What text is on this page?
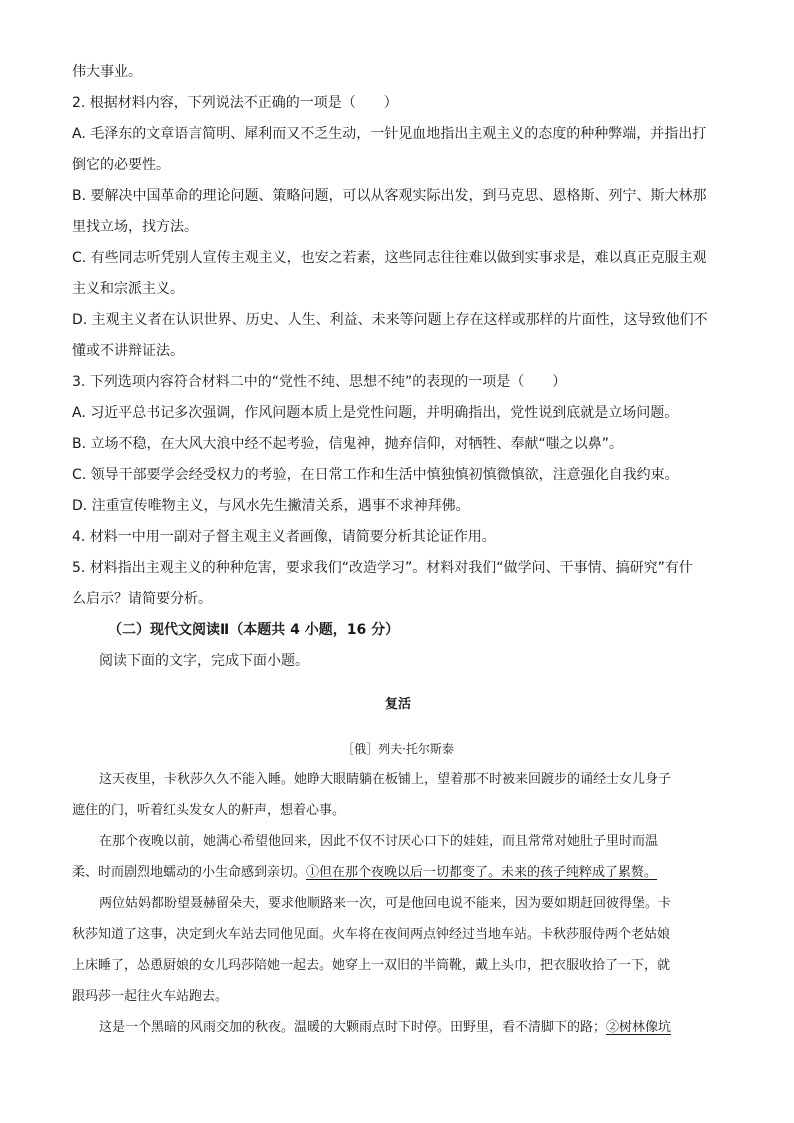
伟大事业。

2. 根据材料内容，下列说法不正确的一项是（　　）

A. 毛泽东的文章语言简明、犀利而又不乏生动，一针见血地指出主观主义的态度的种种弊端，并指出打

倒它的必要性。

B. 要解决中国革命的理论问题、策略问题，可以从客观实际出发，到马克思、恩格斯、列宁、斯大林那

里找立场，找方法。

C. 有些同志听凭别人宣传主观主义，也安之若素，这些同志往往难以做到实事求是，难以真正克服主观

主义和宗派主义。

D. 主观主义者在认识世界、历史、人生、利益、未来等问题上存在这样或那样的片面性，这导致他们不

懂或不讲辩证法。

3. 下列选项内容符合材料二中的“党性不纯、思想不纯”的表现的一项是（　　）

A. 习近平总书记多次强调，作风问题本质上是党性问题，并明确指出，党性说到底就是立场问题。

B. 立场不稳，在大风大浪中经不起考验，信鬼神，抛弃信仰，对牺牲、奉献“嗤之以鼻”。

C. 领导干部要学会经受权力的考验，在日常工作和生活中慎独慎初慎微慎欲，注意强化自我约束。

D. 注重宣传唯物主义，与风水先生撇清关系，遇事不求神拜佛。

4. 材料一中用一副对子督主观主义者画像，请简要分析其论证作用。

5. 材料指出主观主义的种种危害，要求我们“改造学习”。材料对我们“做学问、干事情、搞研究”有什

么启示？请简要分析。

（二）现代文阅读Ⅱ（本题共 4 小题，16 分）

阅读下面的文字，完成下面小题。

复活

［俄］列夫·托尔斯泰

这天夜里，卡秋莎久久不能入睡。她睁大眼睛躺在板铺上，望着那不时被来回踱步的诵经士女儿身子

遮住的门，听着红头发女人的鼾声，想着心事。

在那个夜晚以前，她满心希望他回来，因此不仅不讨厌心口下的娃娃，而且常常对她肚子里时而温

柔、时而剧烈地蠕动的小生命感到亲切。①但在那个夜晚以后一切都变了。未来的孩子纯粹成了累赘。

两位姑妈都盼望聂赫留朵夫，要求他顺路来一次，可是他回电说不能来，因为要如期赶回彼得堡。卡

秋莎知道了这事，决定到火车站去同他见面。火车将在夜间两点钟经过当地车站。卡秋莎服侍两个老姑娘

上床睡了，怂恿厨娘的女儿玛莎陪她一起去。她穿上一双旧的半筒靴，戴上头巾，把衣服收拾了一下，就

跟玛莎一起往火车站跑去。

这是一个黑暗的风雨交加的秋夜。温暖的大颗雨点时下时停。田野里，看不清脚下的路；②树林像坑
